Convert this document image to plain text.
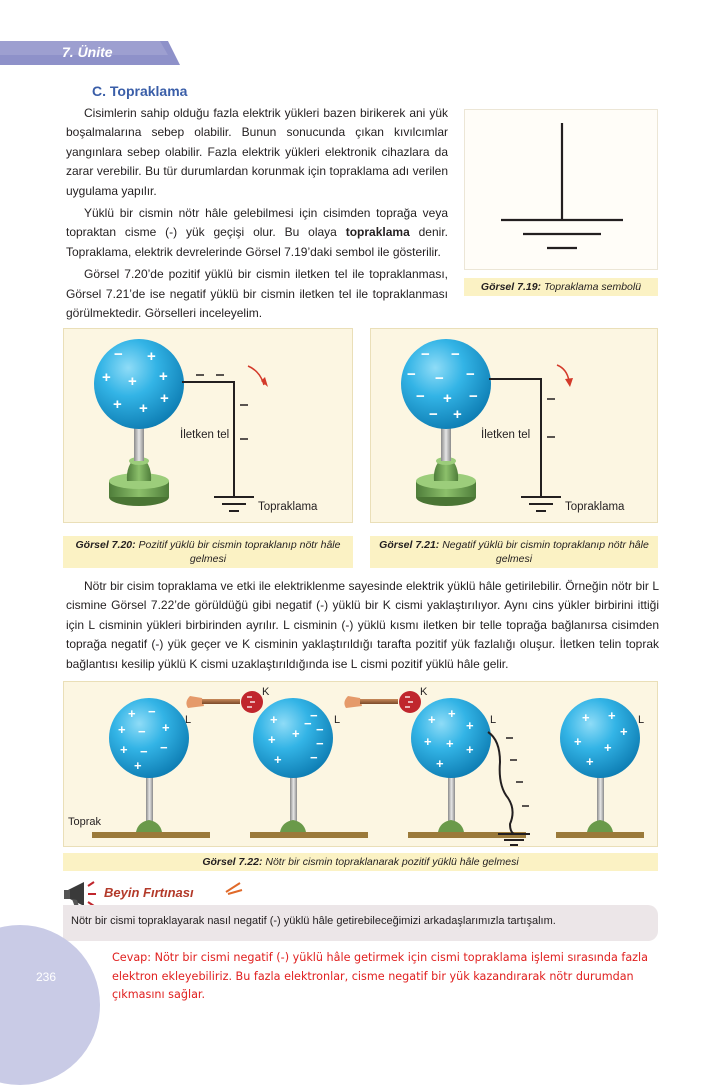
7. Ünite
C. Topraklama

Cisimlerin sahip olduğu fazla elektrik yükleri bazen birikerek ani yük boşalmalarına sebep olabilir. Bunun sonucunda çıkan kıvılcımlar yangınlara sebep olabilir. Fazla elektrik yükleri elektronik cihazlara da zarar verebilir. Bu tür durumlardan korunmak için topraklama adı verilen uygulama yapılır.

Yüklü bir cismin nötr hâle gelebilmesi için cisimden toprağa veya topraktan cisme (-) yük geçişi olur. Bu olaya topraklama denir. Topraklama, elektrik devrelerinde Görsel 7.19’daki sembol ile gösterilir.

Görsel 7.20’de pozitif yüklü bir cismin iletken tel ile topraklanması, Görsel 7.21’de ise negatif yüklü bir cismin iletken tel ile topraklanması görülmektedir. Görselleri inceleyelim.

Görsel 7.19: Topraklama sembolü
− +
+ + +
+ +
+
İletken tel
Topraklama
Görsel 7.20: Pozitif yüklü bir cismin topraklanıp nötr hâle gelmesi
− −
− − −
− + −
− +
İletken tel
Topraklama
Görsel 7.21: Negatif yüklü bir cismin topraklanıp nötr hâle gelmesi

Nötr bir cisim topraklama ve etki ile elektriklenme sayesinde elektrik yüklü hâle getirilebilir. Örneğin nötr bir L cismine Görsel 7.22’de görüldüğü gibi negatif (-) yüklü bir K cismi yaklaştırılıyor. Aynı cins yükler birbirini ittiği için L cisminin yükleri birbirinden ayrılır. L cisminin (-) yüklü kısmı iletken bir telle toprağa bağlanırsa cisimden toprağa negatif (-) yük geçer ve K cisminin yaklaştırıldığı tarafta pozitif yük fazlalığı oluşur. İletken telin toprak bağlantısı kesilip yüklü K cismi uzaklaştırıldığında ise L cismi pozitif yüklü hâle gelir.

+ −
+ − +
+ − −
+
+
+
+
+
−
−
−
−
−	+ +
+
+ + +
+
+ +
+
+ +
+
L
K
L
K
L	L
Toprak
Görsel 7.22: Nötr bir cismin topraklanarak pozitif yüklü hâle gelmesi
Beyin Fırtınası
Nötr bir cismi topraklayarak nasıl negatif (-) yüklü hâle getirebileceğimizi arkadaşlarımızla tartışalım.
Cevap: Nötr bir cismi negatif (-) yüklü hâle getirmek için cismi topraklama işlemi sırasında fazla elektron ekleyebiliriz. Bu fazla elektronlar, cisme negatif bir yük kazandırarak nötr durumdan çıkmasını sağlar.
236
